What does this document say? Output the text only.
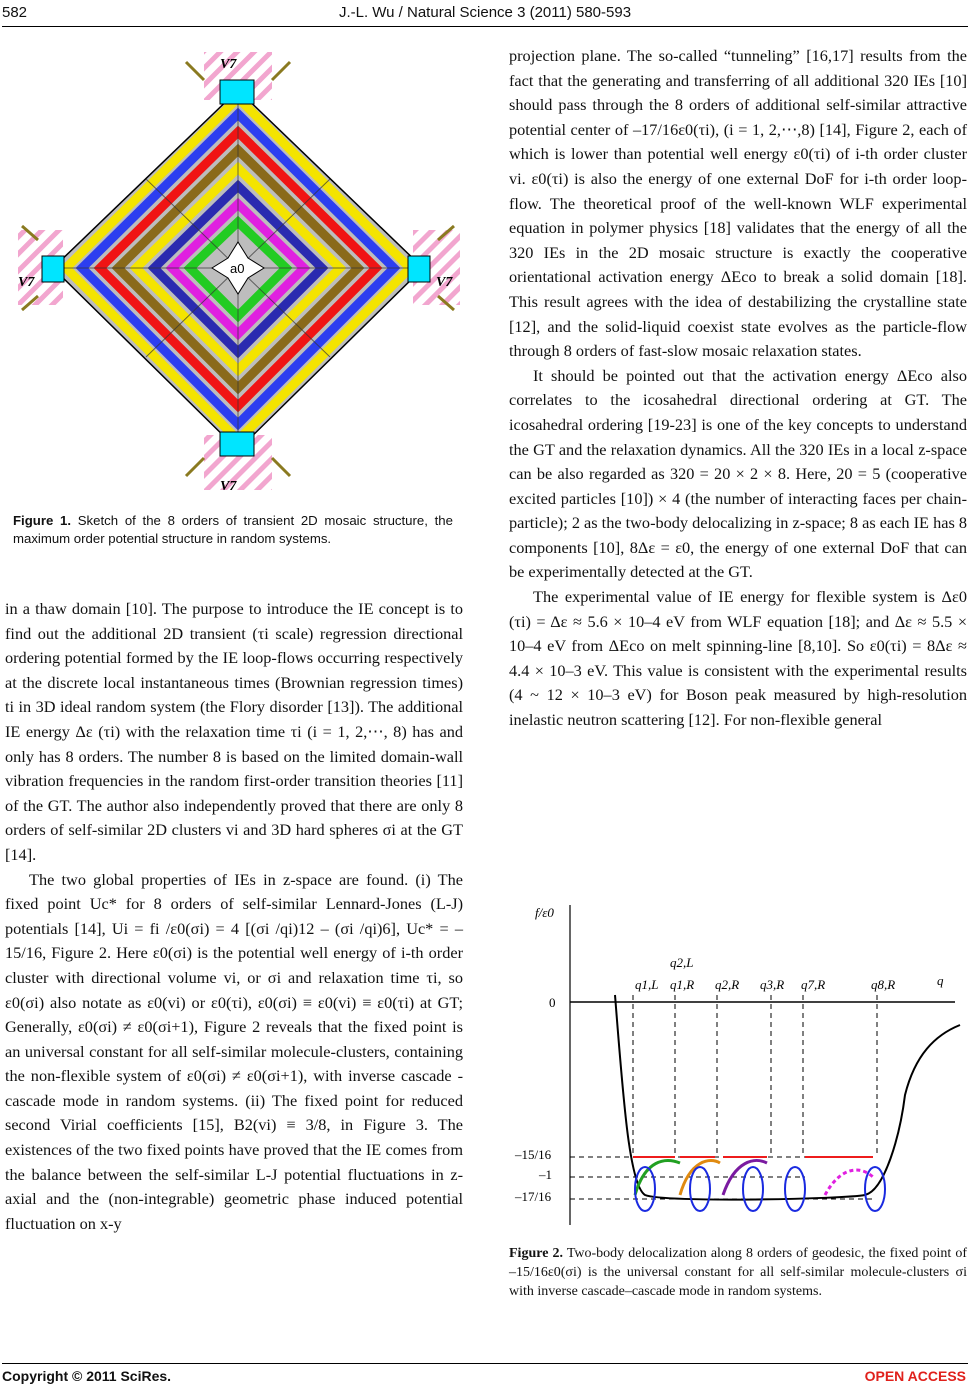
582	J.-L. Wu / Natural Science 3 (2011) 580-593
a0
V7
V7	V7
V7
Figure 1. Sketch of the 8 orders of transient 2D mosaic structure, the maximum order potential structure in random systems.

in a thaw domain [10]. The purpose to introduce the IE concept is to find out the additional 2D transient (τi scale) regression directional ordering potential formed by the IE loop-flows occurring respectively at the discrete local instantaneous times (Brownian regression times) ti in 3D ideal random system (the Flory disorder [13]). The additional IE energy Δε (τi) with the relaxation time τi (i = 1, 2,⋯, 8) has and only has 8 orders. The number 8 is based on the limited domain-wall vibration frequencies in the random first-order transition theories [11] of the GT. The author also independently proved that there are only 8 orders of self-similar 2D clusters vi and 3D hard spheres σi at the GT [14].

The two global properties of IEs in z-space are found. (i) The fixed point Uc* for 8 orders of self-similar Lennard-Jones (L-J) potentials [14], Ui = fi /ε0(σi) = 4 [(σi /qi)12 – (σi /qi)6], Uc* = –15/16, Figure 2. Here ε0(σi) is the potential well energy of i-th order cluster with directional volume vi, or σi and relaxation time τi, so ε0(σi) also notate as ε0(vi) or ε0(τi), ε0(σi) ≡ ε0(vi) ≡ ε0(τi) at GT; Generally, ε0(σi) ≠ ε0(σi+1), Figure 2 reveals that the fixed point is an universal constant for all self-similar molecule-clusters, containing the non-flexible system of ε0(σi) ≠ ε0(σi+1), with inverse cascade - cascade mode in random systems. (ii) The fixed point for reduced second Virial coefficients [15], B2(vi) ≡ 3/8, in Figure 3. The existences of the two fixed points have proved that the IE comes from the balance between the self-similar L-J potential fluctuations in z-axial and the (non-integrable) geometric phase induced potential fluctuation on x-y

projection plane. The so-called “tunneling” [16,17] results from the fact that the generating and transferring of all additional 320 IEs [10] should pass through the 8 orders of additional self-similar attractive potential center of –17/16ε0(τi), (i = 1, 2,⋯,8) [14], Figure 2, each of which is lower than potential well energy ε0(τi) of i-th order cluster vi. ε0(τi) is also the energy of one external DoF for i-th order loop-flow. The theoretical proof of the well-known WLF experimental equation in polymer physics [18] validates that the energy of all the 320 IEs in the 2D mosaic structure is exactly the cooperative orientational activation energy ΔEco to break a solid domain [18]. This result agrees with the idea of destabilizing the crystalline state [12], and the solid-liquid coexist state evolves as the particle-flow through 8 orders of fast-slow mosaic relaxation states.

It should be pointed out that the activation energy ΔEco also correlates to the icosahedral directional ordering at GT. The icosahedral ordering [19-23] is one of the key concepts to understand the GT and the relaxation dynamics. All the 320 IEs in a local z-space can be also regarded as 320 = 20 × 2 × 8. Here, 20 = 5 (cooperative excited particles [10]) × 4 (the number of interacting faces per chain-particle); 2 as the two-body delocalizing in z-space; 8 as each IE has 8 components [10], 8Δε = ε0, the energy of one external DoF that can be experimentally detected at the GT.

The experimental value of IE energy for flexible system is Δε0 (τi) = Δε ≈ 5.6 × 10–4 eV from WLF equation [18]; and Δε ≈ 5.5 × 10–4 eV from ΔEco on melt spinning-line [8,10]. So ε0(τi) = 8Δε ≈ 4.4 × 10–3 eV. This value is consistent with the experimental results (4 ~ 12 × 10–3 eV) for Boson peak measured by high-resolution inelastic neutron scattering [12]. For non-flexible general

f/ε0
q
q1,L
q2,L
q1,R q2,R q3,R q7,R	q8,R
0
–15/16
–1
–17/16
Figure 2. Two-body delocalization along 8 orders of geodesic, the fixed point of –15/16ε0(σi) is the universal constant for all self-similar molecule-clusters σi with inverse cascade–cascade mode in random systems.
Copyright © 2011 SciRes.	OPEN ACCESS
